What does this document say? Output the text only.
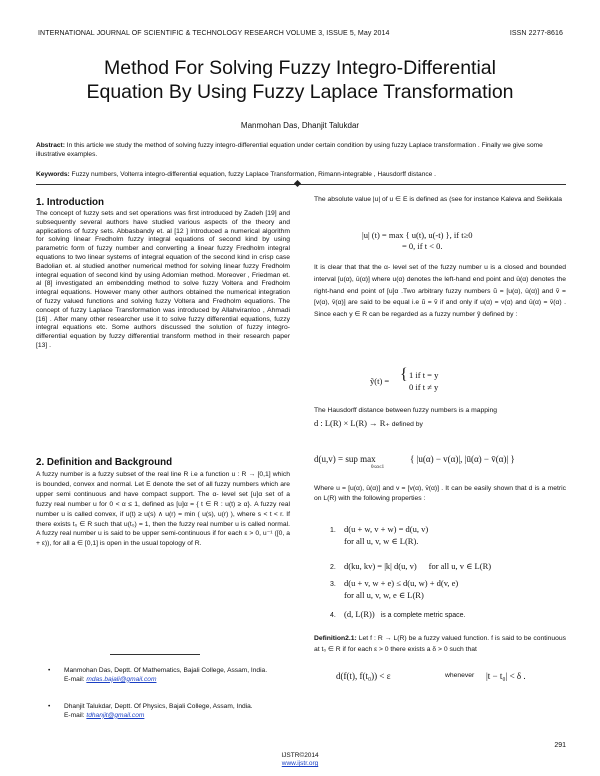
INTERNATIONAL JOURNAL OF SCIENTIFIC & TECHNOLOGY RESEARCH VOLUME 3, ISSUE 5, May 2014	ISSN 2277-8616
Method For Solving Fuzzy Integro-Differential
Equation By Using Fuzzy Laplace Transformation
Manmohan Das, Dhanjit Talukdar
Abstract: In this article we study the method of solving fuzzy integro-differential equation under certain condition by using fuzzy Laplace transformation . Finally we give some illustrative examples.
Keywords: Fuzzy numbers, Volterra integro-differential equation, fuzzy Laplace Transformation, Rimann-integrable , Hausdorff distance .
1. Introduction
The concept of fuzzy sets and set operations was first introduced by Zadeh [19] and subsequently several authors have studied various aspects of the theory and applications of fuzzy sets. Abbasbandy et. al [12 ] introduced a numerical algorithm for solving linear Fredholm fuzzy integral equations of second kind by using parametric form of fuzzy number and converting a linear fuzzy Fredholm integral equations to two linear systems of integral equation of the second kind in crisp case Badolian et. al studied another numerical method for solving linear fuzzy Fredholm integral equation of second kind by using Adomian method. Moreover , Friedman et. al [8] investigated an embendding method to solve fuzzy Voltera and Fredholm integral equations. However many other authors obtained the numerical integration of fuzzy valued functions and solving fuzzy Voltera and Fredholm equations. The concept of fuzzy Laplace Transformation was introduced by Allahviranloo , Ahmadi [16] . After many other researcher use it to solve fuzzy differential equations, fuzzy integral equations etc. Some authors discussed the solution of fuzzy integro-differential equation by fuzzy differential transform method in their research paper [13] .
2. Definition and Background
A fuzzy number is a fuzzy subset of the real line R i.e a function u : R → [0,1] which is bounded, convex and normal. Let E denote the set of all fuzzy numbers which are upper semi continuous and have compact support. The α- level set [u]α set of a fuzzy real number u for 0 < α ≤ 1, defined as [u]α = { t ∈ R : u(t) ≥ α}. A fuzzy real number u is called convex, if u(t) ≥ u(s) ∧ u(r) = min ( u(s), u(r) ), where s < t < r. If there exists t₀ ∈ R such that u(t₀) = 1, then the fuzzy real number u is called normal. A fuzzy real number u is said to be upper semi-continuous if for each ε > 0, u⁻¹ ([0, a + ε)), for all a ∈ [0,1] is open in the usual topology of R.
•	Manmohan Das, Deptt. Of Mathematics, Bajali College, Assam, India.
E-mail: mdas.bajali@gmail.com
•	Dhanjit Talukdar, Deptt. Of Physics, Bajali College, Assam, India.
E-mail: tdhanjit@gmail.com
The absolute value |u| of u ∈ E is defined as (see for instance Kaleva and Seikkala
|u| (t) = max { u(t), u(-t) }, if t≥0
= 0, if t < 0.
It is clear that that the α- level set of the fuzzy number u is a closed and bounded interval [u(α), ū(α)] where u(α) denotes the left-hand end point and ū(α) denotes the right-hand end point of [u]α .Two arbitrary fuzzy numbers ũ = [u(α), ū(α)] and ṽ = [v(α), v̄(α)] are said to be equal i.e ũ = ṽ if and only if u(α) = v(α) and ū(α) = v̄(α) . Since each y ∈ R can be regarded as a fuzzy number ỹ defined by :
ỹ(t) = { 1 if t = y
0 if t ≠ y
The Hausdorff distance between fuzzy numbers is a mapping
d : L(R) × L(R) → R₊ defined by
d(u,v) = sup max
0≤α≤1
{ |u(α) − v(α)|, |ū(α) − v̄(α)| }
Where u = [u(α), ū(α)] and v = [v(α), v̄(α)] . It can be easily shown that d is a metric on L(R) with the following properties :
1. d(u + w, v + w) = d(u, v)
for all u, v, w ∈ L(R).
2. d(ku, kv) = |k| d(u, v) for all u, v ∈ L(R)
3. d(u + v, w + e) ≤ d(u, w) + d(v, e)
for all u, v, w, e ∈ L(R)
4. (d, L(R)) is a complete metric space.
Definition2.1: Let f : R → L(R) be a fuzzy valued function. f is said to be continuous at t₀ ∈ R if for each ε > 0 there exists a δ > 0 such that
d(f(t), f(t₀)) < ε	whenever |t − t₀| < δ .
291
IJSTR©2014
www.ijstr.org
